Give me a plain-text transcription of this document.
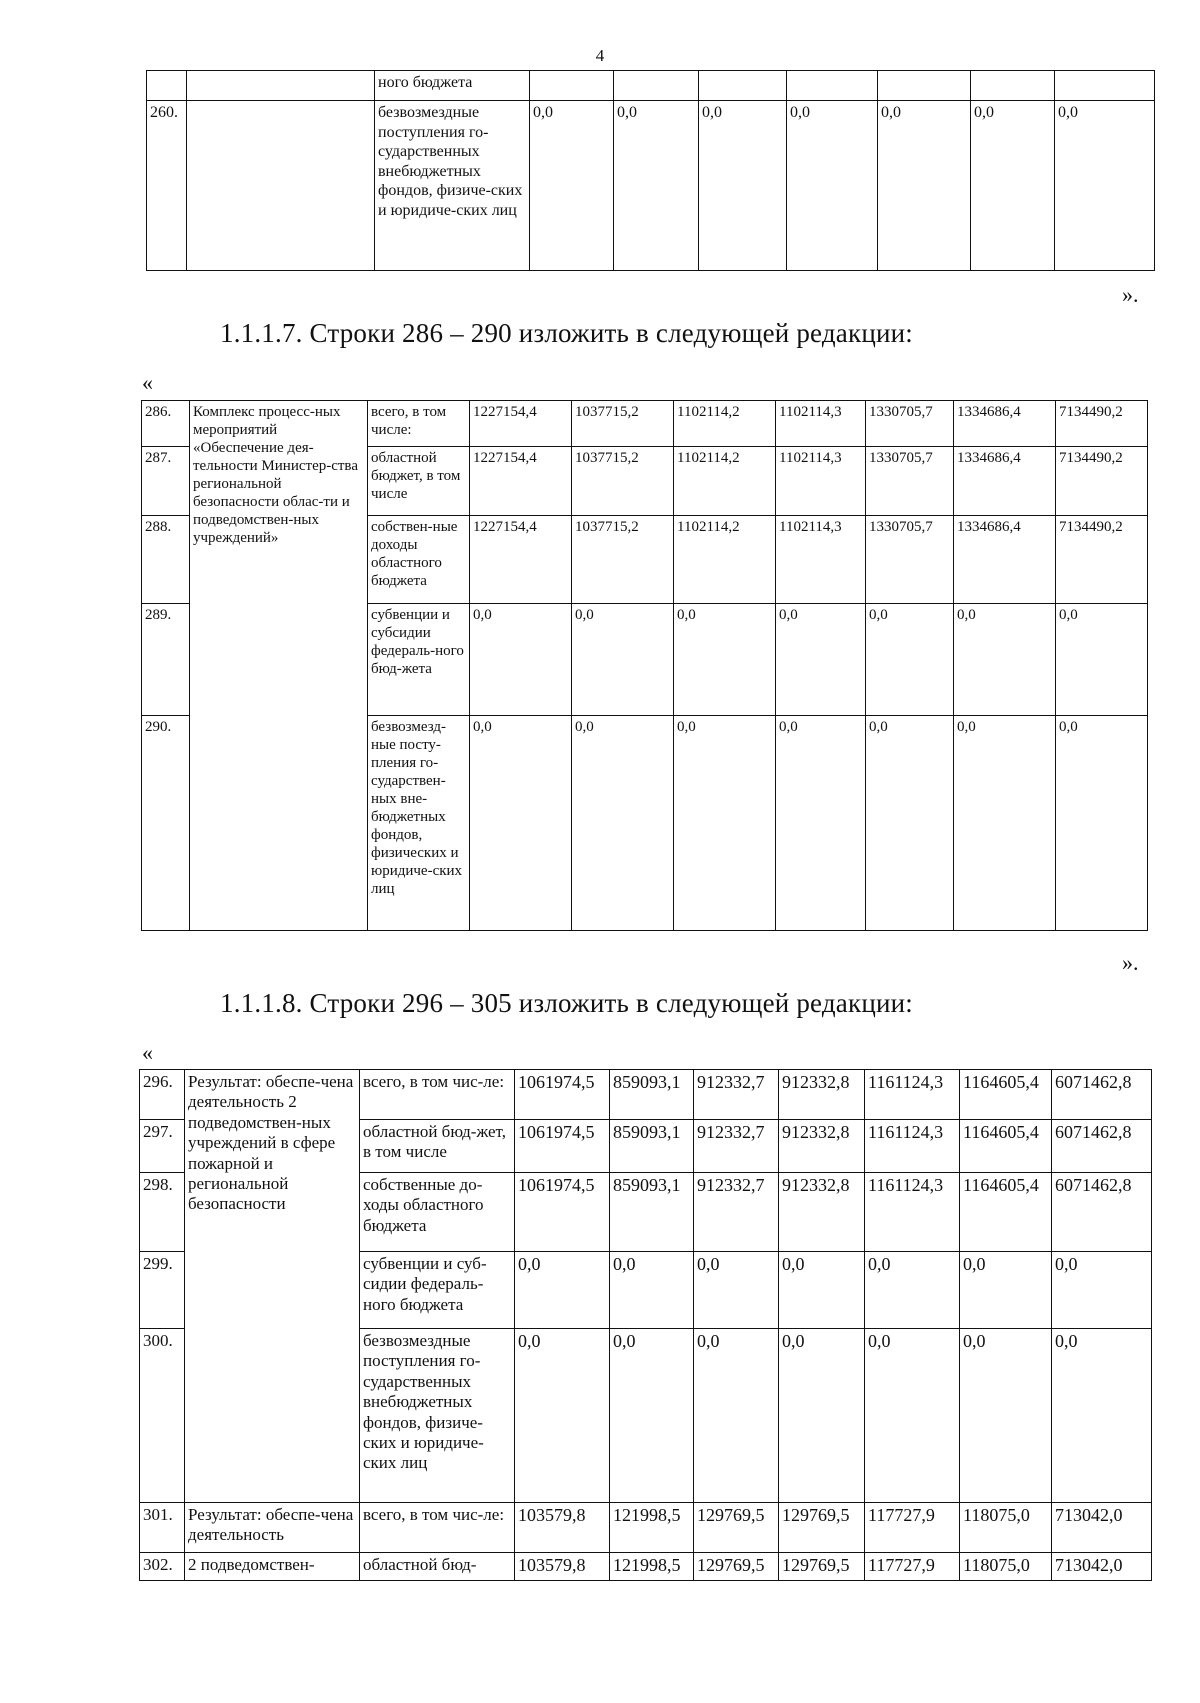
4
		ного бюджета							
260.		безвозмездные поступления го-сударственных внебюджетных фондов, физиче-ских и юридиче-ских лиц	0,0	0,0	0,0	0,0	0,0	0,0	0,0
».
1.1.1.7. Строки 286 – 290 изложить в следующей редакции:
«
286.	Комплекс процесс-ных мероприятий «Обеспечение дея-тельности Министер-ства региональной безопасности облас-ти и подведомствен-ных учреждений»	всего, в том числе:	1227154,4	1037715,2	1102114,2	1102114,3	1330705,7	1334686,4	7134490,2
287.		областной бюджет, в том числе	1227154,4	1037715,2	1102114,2	1102114,3	1330705,7	1334686,4	7134490,2
288.		собствен-ные доходы областного бюджета	1227154,4	1037715,2	1102114,2	1102114,3	1330705,7	1334686,4	7134490,2
289.		субвенции и субсидии федераль-ного бюд-жета	0,0	0,0	0,0	0,0	0,0	0,0	0,0
290.		безвозмезд-ные посту-пления го-сударствен-ных вне-бюджетных фондов, физических и юридиче-ских лиц	0,0	0,0	0,0	0,0	0,0	0,0	0,0
».
1.1.1.8. Строки 296 – 305 изложить в следующей редакции:
«
296.	Результат: обеспе-чена деятельность 2 подведомствен-ных учреждений в сфере пожарной и региональной безопасности	всего, в том чис-ле:	1061974,5	859093,1	912332,7	912332,8	1161124,3	1164605,4	6071462,8
297.		областной бюд-жет, в том числе	1061974,5	859093,1	912332,7	912332,8	1161124,3	1164605,4	6071462,8
298.		собственные до-ходы областного бюджета	1061974,5	859093,1	912332,7	912332,8	1161124,3	1164605,4	6071462,8
299.		субвенции и суб-сидии федераль-ного бюджета	0,0	0,0	0,0	0,0	0,0	0,0	0,0
300.		безвозмездные поступления го-сударственных внебюджетных фондов, физиче-ских и юридиче-ских лиц	0,0	0,0	0,0	0,0	0,0	0,0	0,0
301.	Результат: обеспе-чена деятельность	всего, в том чис-ле:	103579,8	121998,5	129769,5	129769,5	117727,9	118075,0	713042,0
302.	2 подведомствен-	областной бюд-	103579,8	121998,5	129769,5	129769,5	117727,9	118075,0	713042,0
